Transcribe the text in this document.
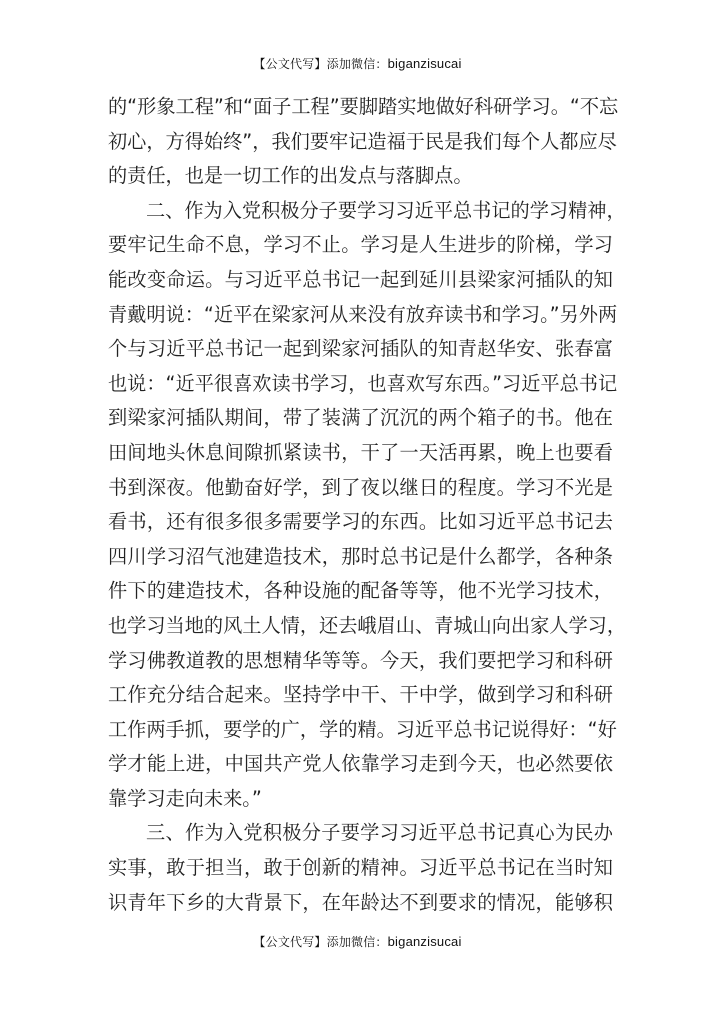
【公文代写】添加微信：biganzisucai
的“形象工程”和“面子工程”要脚踏实地做好科研学习。“不忘
初心，方得始终”，我们要牢记造福于民是我们每个人都应尽
的责任，也是一切工作的出发点与落脚点。
二、作为入党积极分子要学习习近平总书记的学习精神，
要牢记生命不息，学习不止。学习是人生进步的阶梯，学习
能改变命运。与习近平总书记一起到延川县梁家河插队的知
青戴明说：“近平在梁家河从来没有放弃读书和学习。”另外两
个与习近平总书记一起到梁家河插队的知青赵华安、张春富
也说：“近平很喜欢读书学习，也喜欢写东西。”习近平总书记
到梁家河插队期间，带了装满了沉沉的两个箱子的书。他在
田间地头休息间隙抓紧读书，干了一天活再累，晚上也要看
书到深夜。他勤奋好学，到了夜以继日的程度。学习不光是
看书，还有很多很多需要学习的东西。比如习近平总书记去
四川学习沼气池建造技术，那时总书记是什么都学，各种条
件下的建造技术，各种设施的配备等等，他不光学习技术，
也学习当地的风土人情，还去峨眉山、青城山向出家人学习，
学习佛教道教的思想精华等等。今天，我们要把学习和科研
工作充分结合起来。坚持学中干、干中学，做到学习和科研
工作两手抓，要学的广，学的精。习近平总书记说得好：“好
学才能上进，中国共产党人依靠学习走到今天，也必然要依
靠学习走向未来。”
三、作为入党积极分子要学习习近平总书记真心为民办
实事，敢于担当，敢于创新的精神。习近平总书记在当时知
识青年下乡的大背景下，在年龄达不到要求的情况，能够积
【公文代写】添加微信：biganzisucai
